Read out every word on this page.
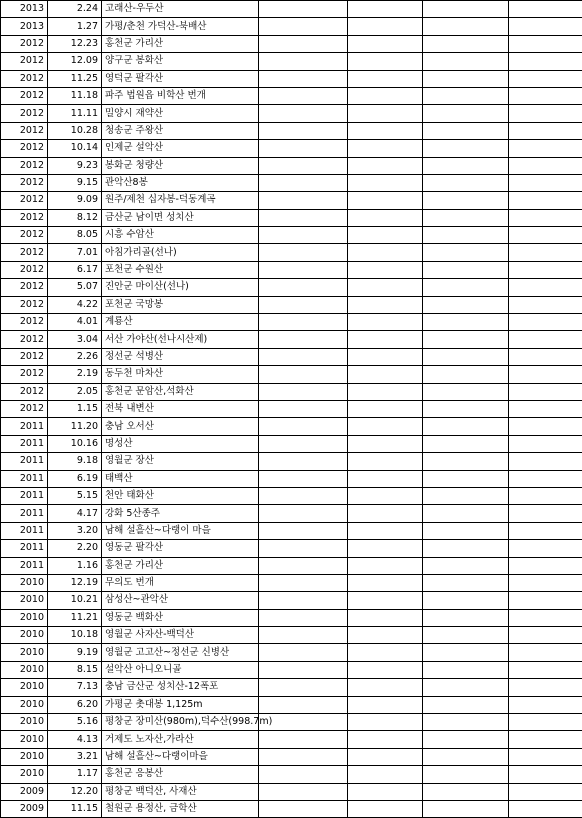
2013	2.24	고래산-우두산				
2013	1.27	가평/춘천 가덕산-북배산				
2012	12.23	홍천군 가리산				
2012	12.09	양구군 봉화산				
2012	11.25	영덕군 팔각산				
2012	11.18	파주 법원읍 비학산 번개				
2012	11.11	밀양시 재약산				
2012	10.28	청송군 주왕산				
2012	10.14	인제군 설악산				
2012	9.23	봉화군 청량산				
2012	9.15	관악산8봉				
2012	9.09	원주/제천 십자봉-덕동계곡				
2012	8.12	금산군 남이면 성치산				
2012	8.05	시흥 수암산				
2012	7.01	아침가리골(선나)				
2012	6.17	포천군 수원산				
2012	5.07	진안군 마이산(선나)				
2012	4.22	포천군 국망봉				
2012	4.01	계룡산				
2012	3.04	서산 가야산(선나시산제)				
2012	2.26	정선군 석병산				
2012	2.19	동두천 마차산				
2012	2.05	홍천군 문암산,석화산				
2012	1.15	전북 내변산				
2011	11.20	충남 오서산				
2011	10.16	명성산				
2011	9.18	영월군 장산				
2011	6.19	태백산				
2011	5.15	천안 태화산				
2011	4.17	강화 5산종주				
2011	3.20	남해 설흘산~다랭이 마을				
2011	2.20	영동군 팔각산				
2011	1.16	홍천군 가리산				
2010	12.19	무의도 번개				
2010	10.21	삼성산~관악산				
2010	11.21	영동군 백화산				
2010	10.18	영월군 사자산-백덕산				
2010	9.19	영월군 고고산~정선군 신병산				
2010	8.15	설악산 아니오니골				
2010	7.13	충남 금산군 성치산-12폭포				
2010	6.20	가평군 촛대봉 1,125m				
2010	5.16	평창군 장미산(980m),덕수산(998.7m)				
2010	4.13	거제도 노자산,가라산				
2010	3.21	남해 설흘산~다랭이마을				
2010	1.17	홍천군 응봉산				
2009	12.20	평창군 백덕산, 사재산				
2009	11.15	철원군 용정산, 금학산				
